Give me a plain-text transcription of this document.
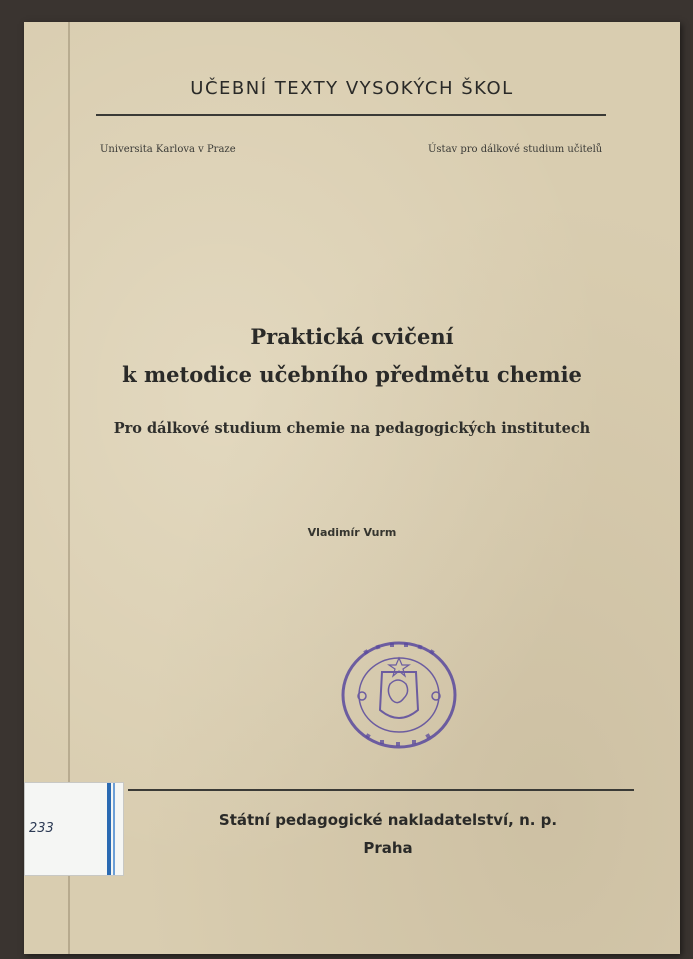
UČEBNÍ TEXTY VYSOKÝCH ŠKOL
Universita Karlova v Praze	Ústav pro dálkové studium učitelů
Praktická cvičení
k metodice učebního předmětu chemie
Pro dálkové studium chemie na pedagogických institutech
Vladimír Vurm
Státní pedagogické nakladatelství, n. p.
Praha
233
